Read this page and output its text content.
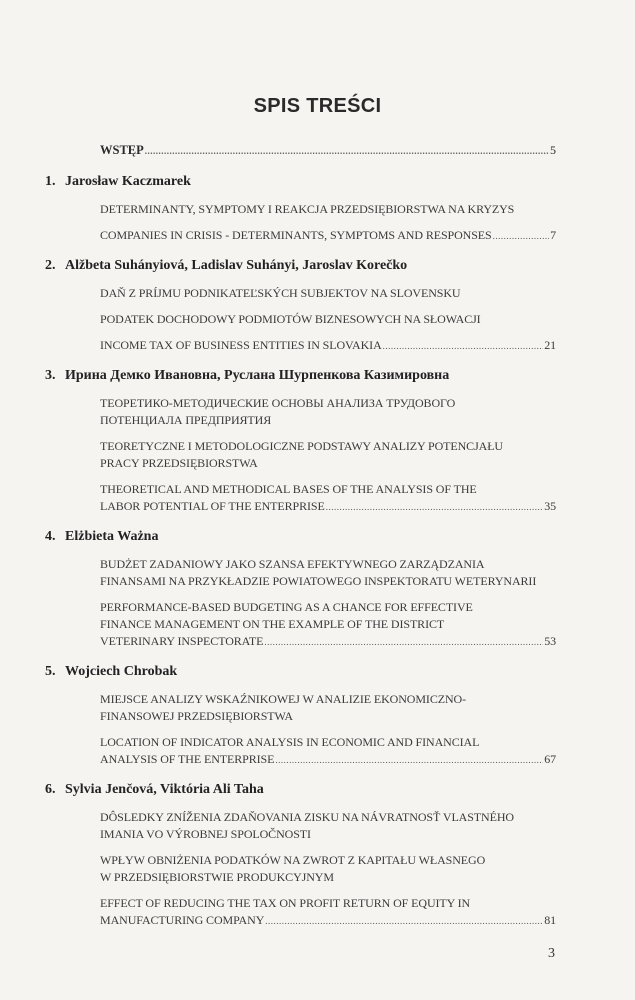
SPIS TREŚCI
WSTĘP .....	5
1. Jarosław Kaczmarek
DETERMINANTY, SYMPTOMY I REAKCJA PRZEDSIĘBIORSTWA NA KRYZYS
COMPANIES IN CRISIS - DETERMINANTS, SYMPTOMS AND RESPONSES .....	7
2. Alžbeta Suhányiová, Ladislav Suhányi, Jaroslav Korečko
DAŇ Z PRÍJMU PODNIKATEĽSKÝCH SUBJEKTOV NA SLOVENSKU
PODATEK DOCHODOWY PODMIOTÓW BIZNESOWYCH NA SŁOWACJI
INCOME TAX OF BUSINESS ENTITIES IN SLOVAKIA .....	21
3. Ирина Демко Ивановна, Руслана Шурпенкова Казимировна
ТЕОРЕТИКО-МЕТОДИЧЕСКИЕ ОСНОВЫ АНАЛИЗА ТРУДОВОГО
ПОТЕНЦИАЛА ПРЕДПРИЯТИЯ
TEORETYCZNE I METODOLOGICZNE PODSTAWY ANALIZY POTENCJAŁU
PRACY PRZEDSIĘBIORSTWA
THEORETICAL AND METHODICAL BASES OF THE ANALYSIS OF THE
LABOR POTENTIAL OF THE ENTERPRISE .....	35
4. Elżbieta Ważna
BUDŻET ZADANIOWY JAKO SZANSA EFEKTYWNEGO ZARZĄDZANIA
FINANSAMI NA PRZYKŁADZIE POWIATOWEGO INSPEKTORATU WETERYNARII
PERFORMANCE-BASED BUDGETING AS A CHANCE FOR EFFECTIVE
FINANCE MANAGEMENT ON THE EXAMPLE OF THE DISTRICT
VETERINARY INSPECTORATE .....	53
5. Wojciech Chrobak
MIEJSCE ANALIZY WSKAŹNIKOWEJ W ANALIZIE EKONOMICZNO-
FINANSOWEJ PRZEDSIĘBIORSTWA
LOCATION OF INDICATOR ANALYSIS IN ECONOMIC AND FINANCIAL
ANALYSIS OF THE ENTERPRISE .....	67
6. Sylvia Jenčová, Viktória Ali Taha
DÔSLEDKY ZNÍŽENIA ZDAŇOVANIA ZISKU NA NÁVRATNOSŤ VLASTNÉHO
IMANIA VO VÝROBNEJ SPOLOČNOSTI
WPŁYW OBNIŻENIA PODATKÓW NA ZWROT Z KAPITAŁU WŁASNEGO
W PRZEDSIĘBIORSTWIE PRODUKCYJNYM
EFFECT OF REDUCING THE TAX ON PROFIT RETURN OF EQUITY IN
MANUFACTURING COMPANY .....	81
3
